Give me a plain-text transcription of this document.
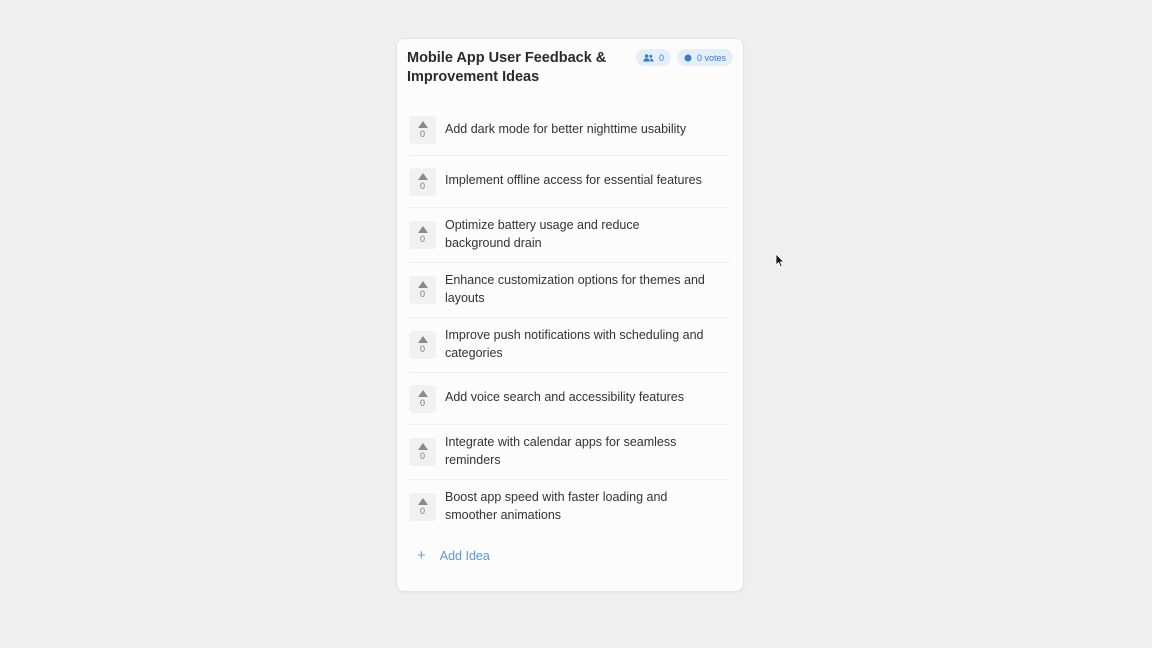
Mobile App User Feedback & Improvement Ideas
0	0 votes
0 Add dark mode for better nighttime usability
0 Implement offline access for essential features
0
Optimize battery usage and reduce background drain
0
Enhance customization options for themes and layouts
0
Improve push notifications with scheduling and categories
0 Add voice search and accessibility features
0
Integrate with calendar apps for seamless reminders
0
Boost app speed with faster loading and smoother animations
+ Add Idea
